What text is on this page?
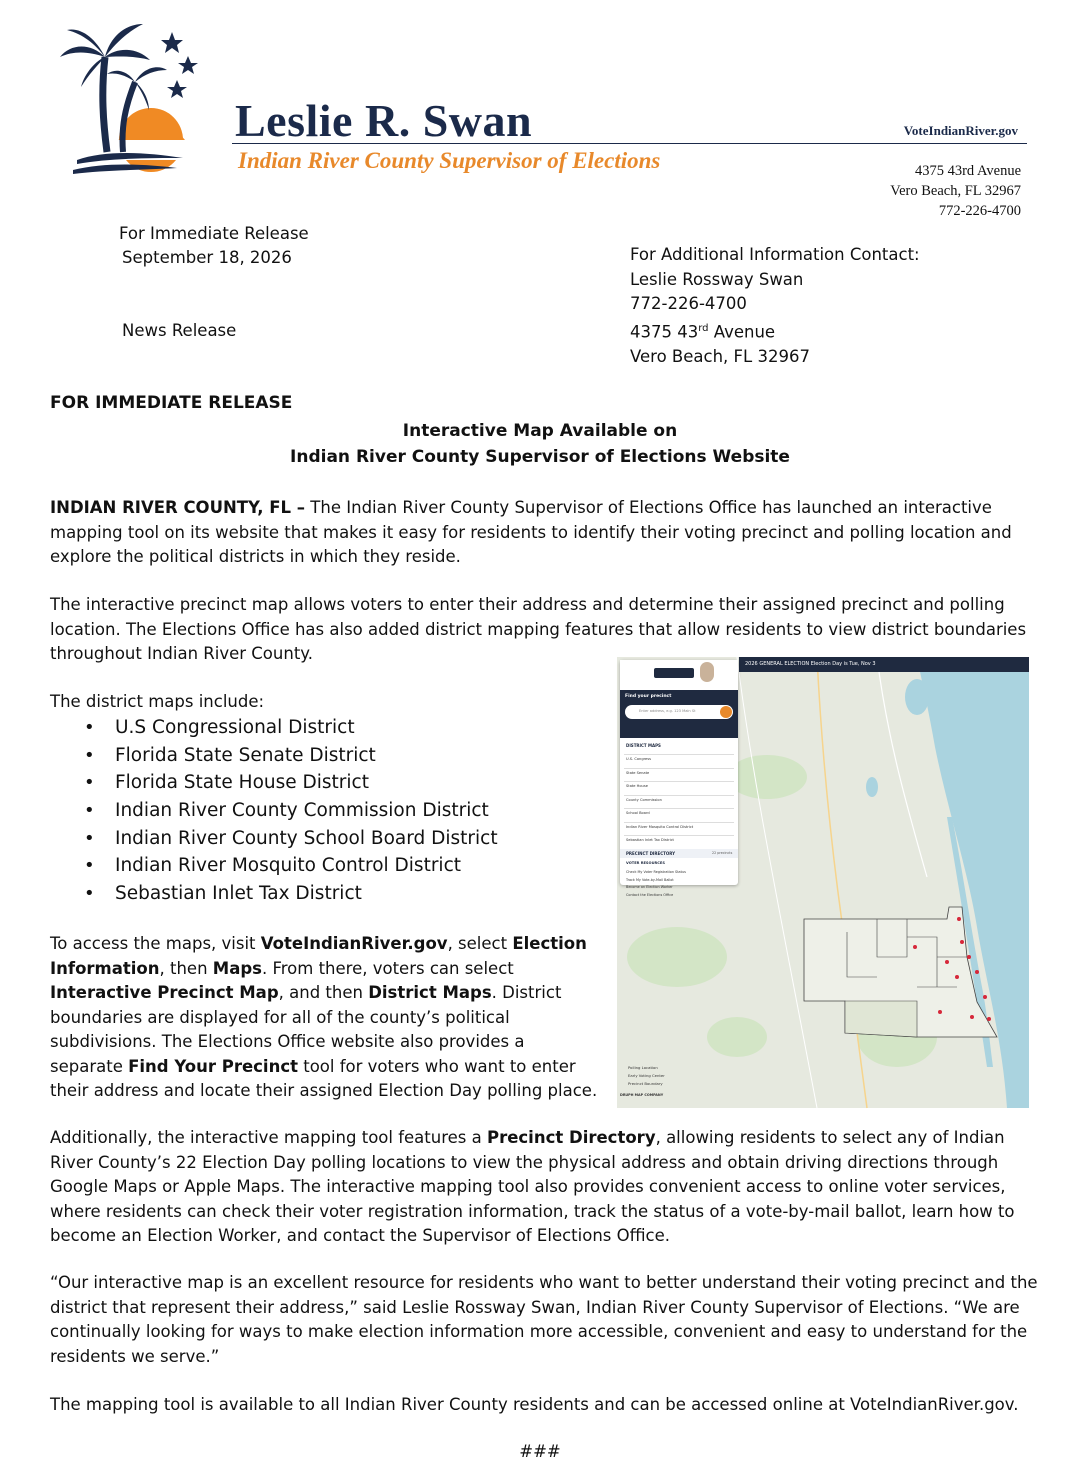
Leslie R. Swan
Indian River County Supervisor of Elections
VoteIndianRiver.gov
4375 43rd Avenue
Vero Beach, FL 32967
772-226-4700
For Immediate Release
September 18, 2026
News Release
For Additional Information Contact:
Leslie Rossway Swan
772-226-4700
4375 43rd Avenue
Vero Beach, FL 32967
FOR IMMEDIATE RELEASE
Interactive Map Available on
Indian River County Supervisor of Elections Website
INDIAN RIVER COUNTY, FL – The Indian River County Supervisor of Elections Office has launched an interactive mapping tool on its website that makes it easy for residents to identify their voting precinct and polling location and explore the political districts in which they reside.
The interactive precinct map allows voters to enter their address and determine their assigned precinct and polling location. The Elections Office has also added district mapping features that allow residents to view district boundaries throughout Indian River County.
The district maps include:
• U.S Congressional District
• Florida State Senate District
• Florida State House District
• Indian River County Commission District
• Indian River County School Board District
• Indian River Mosquito Control District
• Sebastian Inlet Tax District
To access the maps, visit VoteIndianRiver.gov, select Election Information, then Maps. From there, voters can select Interactive Precinct Map, and then District Maps. District boundaries are displayed for all of the county’s political subdivisions. The Elections Office website also provides a separate Find Your Precinct tool for voters who want to enter their address and locate their assigned Election Day polling place.
2026 GENERAL ELECTION Election Day is Tue, Nov 3
Find your precinct
Enter address, e.g. 123 Main St
DISTRICT MAPS
U.S. Congress
State Senate
State House
County Commission
School Board
Indian River Mosquito Control District
Sebastian Inlet Tax District
PRECINCT DIRECTORY	22 precincts
VOTER RESOURCES
Check My Voter Registration Status
Track My Vote-by-Mail Ballot
Become an Election Worker
Contact the Elections Office
Polling Location
Early Voting Center
Precinct Boundary
DRUPH MAP COMPANY
Additionally, the interactive mapping tool features a Precinct Directory, allowing residents to select any of Indian River County’s 22 Election Day polling locations to view the physical address and obtain driving directions through Google Maps or Apple Maps. The interactive mapping tool also provides convenient access to online voter services, where residents can check their voter registration information, track the status of a vote-by-mail ballot, learn how to become an Election Worker, and contact the Supervisor of Elections Office.
“Our interactive map is an excellent resource for residents who want to better understand their voting precinct and the district that represent their address,” said Leslie Rossway Swan, Indian River County Supervisor of Elections. “We are continually looking for ways to make election information more accessible, convenient and easy to understand for the residents we serve.”
The mapping tool is available to all Indian River County residents and can be accessed online at VoteIndianRiver.gov.
###
